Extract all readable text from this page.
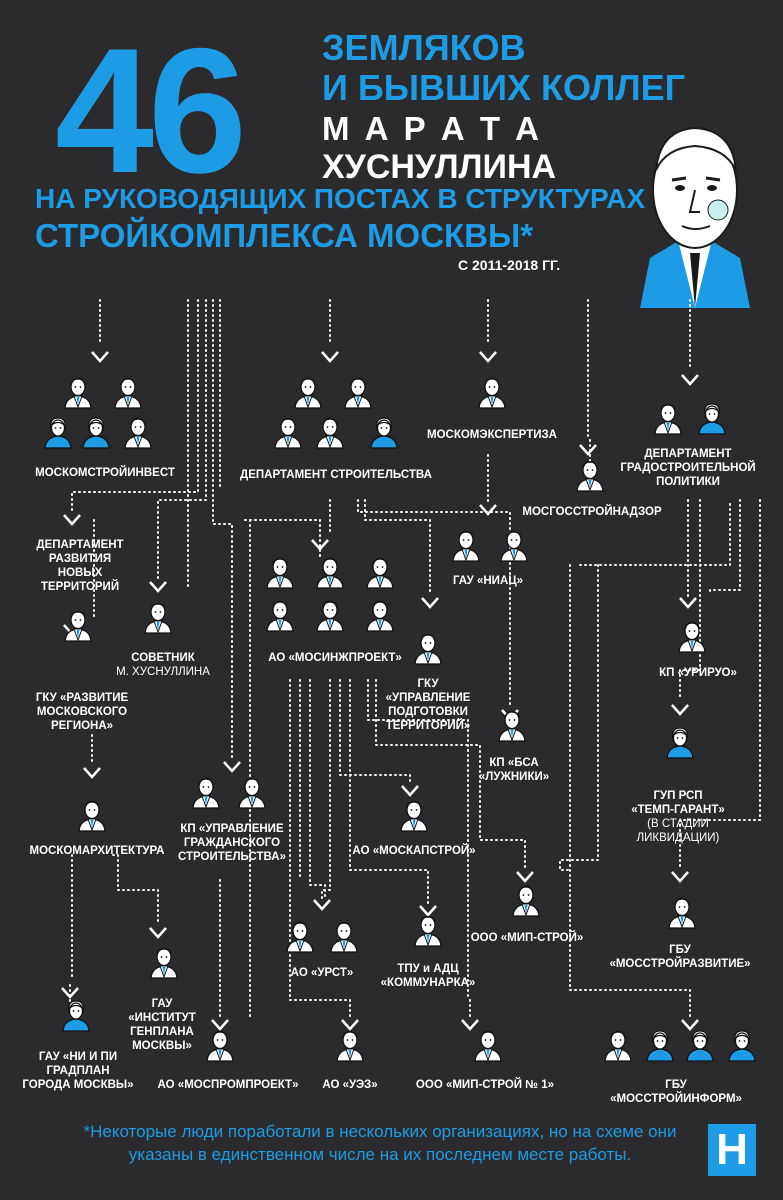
46 ЗЕМЛЯКОВ
И БЫВШИХ КОЛЛЕГ
М А Р А Т А
ХУСНУЛЛИНА
НА РУКОВОДЯЩИХ ПОСТАХ В СТРУКТУРАХ
СТРОЙКОМПЛЕКСА МОСКВЫ*
С 2011-2018 ГГ.
МОСКОМСТРОЙИНВЕСТ	ДЕПАРТАМЕНТ СТРОИТЕЛЬСТВА
МОСКОМЭКСПЕРТИЗА
ДЕПАРТАМЕНТ
ГРАДОСТРОИТЕЛЬНОЙ
ПОЛИТИКИ
МОСГОССТРОЙНАДЗОР
ДЕПАРТАМЕНТ
РАЗВИТИЯ
НОВЫХ
ТЕРРИТОРИЙ
СОВЕТНИК
М. ХУСНУЛЛИНА
ГАУ «НИАЦ»
АО «МОСИНЖПРОЕКТ»
ГКУ
«УПРАВЛЕНИЕ
ПОДГОТОВКИ
ТЕРРИТОРИЙ»
КП «УРИРУО»
ГКУ «РАЗВИТИЕ
МОСКОВСКОГО
РЕГИОНА»
КП «БСА
«ЛУЖНИКИ»
ГУП РСП
«ТЕМП-ГАРАНТ»
(В СТАДИИ ЛИКВИДАЦИИ)
КП «УПРАВЛЕНИЕ
ГРАЖДАНСКОГО
СТРОИТЕЛЬСТВА»
МОСКОМАРХИТЕКТУРА	АО «МОСКАПСТРОЙ»
ООО «МИП-СТРОЙ»
ГБУ
«МОССТРОЙРАЗВИТИЕ»
АО «УРСТ»	ТПУ и АДЦ
«КОММУНАРКА»
ГАУ
«ИНСТИТУТ
ГЕНПЛАНА
МОСКВЫ»
ГАУ «НИ И ПИ
ГРАДПЛАН
ГОРОДА МОСКВЫ» АО «МОСПРОМПРОЕКТ» АО «УЭЗ»	ООО «МИП-СТРОЙ № 1»	ГБУ «МОССТРОЙИНФОРМ»
*Некоторые люди поработали в нескольких организациях, но на схеме они указаны в единственном числе на их последнем месте работы.	Н
